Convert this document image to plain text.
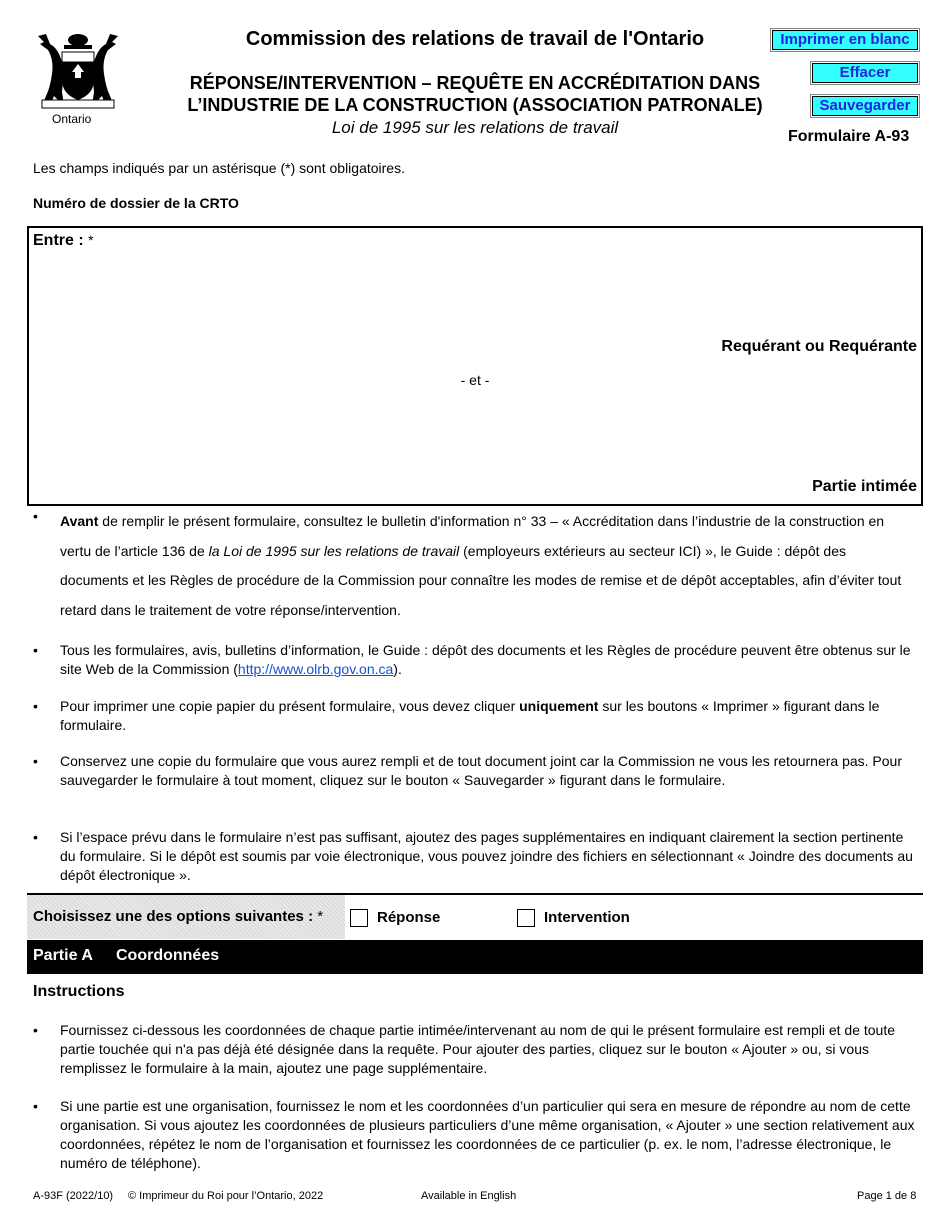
Ontario
Commission des relations de travail de l'Ontario
RÉPONSE/INTERVENTION – REQUÊTE EN ACCRÉDITATION DANS
L’INDUSTRIE DE LA CONSTRUCTION (ASSOCIATION PATRONALE)
Loi de 1995 sur les relations de travail
Imprimer en blanc
Effacer
Sauvegarder
Formulaire A-93
Les champs indiqués par un astérisque (*) sont obligatoires.
Numéro de dossier de la CRTO
Entre : *
Requérant ou Requérante
- et -
Partie intimée
• Avant de remplir le présent formulaire, consultez le bulletin d'information n° 33 – « Accréditation dans l’industrie de la construction en vertu de l’article 136 de la Loi de 1995 sur les relations de travail (employeurs extérieurs au secteur ICI) », le Guide : dépôt des documents et les Règles de procédure de la Commission pour connaître les modes de remise et de dépôt acceptables, afin d’éviter tout retard dans le traitement de votre réponse/intervention.
• Tous les formulaires, avis, bulletins d’information, le Guide : dépôt des documents et les Règles de procédure peuvent être obtenus sur le site Web de la Commission (http://www.olrb.gov.on.ca).
• Pour imprimer une copie papier du présent formulaire, vous devez cliquer uniquement sur les boutons « Imprimer » figurant dans le formulaire.
• Conservez une copie du formulaire que vous aurez rempli et de tout document joint car la Commission ne vous les retournera pas. Pour sauvegarder le formulaire à tout moment, cliquez sur le bouton « Sauvegarder » figurant dans le formulaire.
• Si l’espace prévu dans le formulaire n’est pas suffisant, ajoutez des pages supplémentaires en indiquant clairement la section pertinente du formulaire. Si le dépôt est soumis par voie électronique, vous pouvez joindre des fichiers en sélectionnant « Joindre des documents au dépôt électronique ».
Choisissez une des options suivantes : *	Réponse	Intervention
Partie A Coordonnées
Instructions
• Fournissez ci-dessous les coordonnées de chaque partie intimée/intervenant au nom de qui le présent formulaire est rempli et de toute partie touchée qui n'a pas déjà été désignée dans la requête. Pour ajouter des parties, cliquez sur le bouton « Ajouter » ou, si vous remplissez le formulaire à la main, ajoutez une page supplémentaire.
• Si une partie est une organisation, fournissez le nom et les coordonnées d’un particulier qui sera en mesure de répondre au nom de cette organisation. Si vous ajoutez les coordonnées de plusieurs particuliers d’une même organisation, « Ajouter » une section relativement aux coordonnées, répétez le nom de l’organisation et fournissez les coordonnées de ce particulier (p. ex. le nom, l’adresse électronique, le numéro de téléphone).
A-93F (2022/10) © Imprimeur du Roi pour l’Ontario, 2022	Available in English	Page 1 de 8
